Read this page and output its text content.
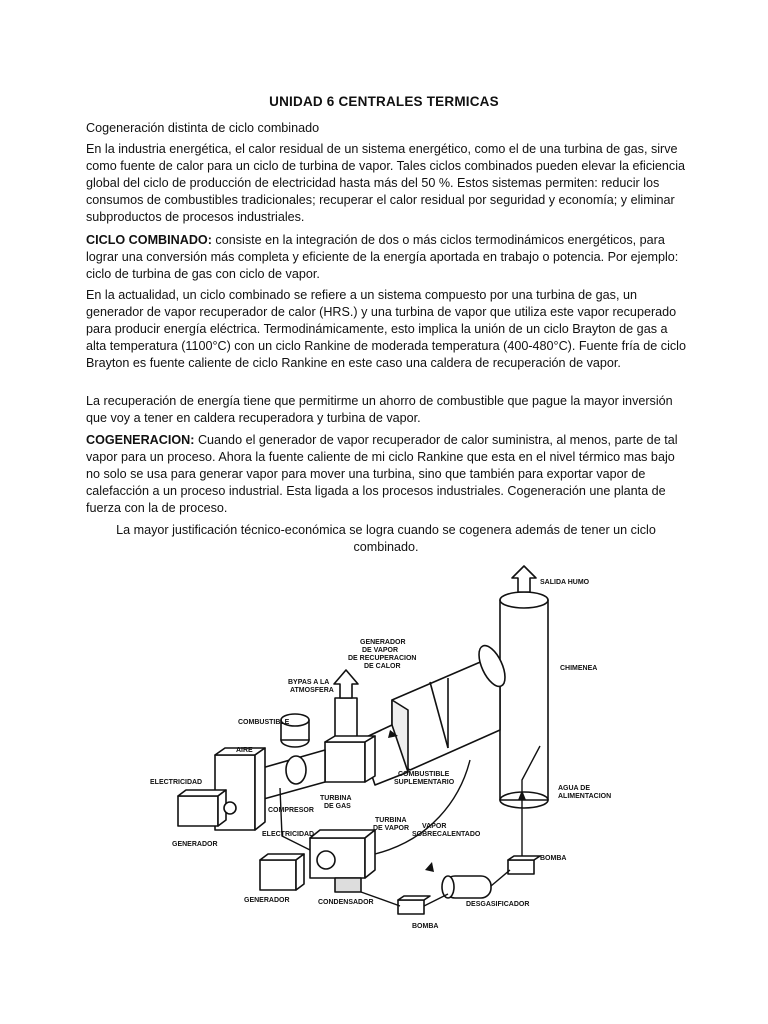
UNIDAD 6 CENTRALES TERMICAS
Cogeneración distinta de ciclo combinado
En la industria energética, el calor residual de un sistema energético, como el de una turbina de gas, sirve como fuente de calor para un ciclo de turbina de vapor. Tales ciclos combinados pueden elevar la eficiencia global del ciclo de producción de electricidad hasta más del 50 %. Estos sistemas permiten: reducir los consumos de combustibles tradicionales; recuperar el calor residual por seguridad y economía; y eliminar subproductos de procesos industriales.
CICLO COMBINADO: consiste en la integración de dos o más ciclos termodinámicos energéticos, para lograr una conversión más completa y eficiente de la energía aportada en trabajo o potencia. Por ejemplo: ciclo de turbina de gas con ciclo de vapor.
En la actualidad, un ciclo combinado se refiere a un sistema compuesto por una turbina de gas, un generador de vapor recuperador de calor (HRS.) y una turbina de vapor que utiliza este vapor recuperado para producir energía eléctrica. Termodinámicamente, esto implica la unión de un ciclo Brayton de gas a alta temperatura (1100°C) con un ciclo Rankine de moderada temperatura (400-480°C). Fuente fría de ciclo Brayton es fuente caliente de ciclo Rankine en este caso una caldera de recuperación de vapor.
La recuperación de energía tiene que permitirme un ahorro de combustible que pague la mayor inversión que voy a tener en caldera recuperadora y turbina de vapor.
COGENERACION: Cuando el generador de vapor recuperador de calor suministra, al menos, parte de tal vapor para un proceso. Ahora la fuente caliente de mi ciclo Rankine que esta en el nivel térmico mas bajo no solo se usa para generar vapor para mover una turbina, sino que también para exportar vapor de calefacción a un proceso industrial. Esta ligada a los procesos industriales. Cogeneración une planta de fuerza con la de proceso.
La mayor justificación técnico-económica se logra cuando se cogenera además de tener un ciclo combinado.
SALIDA HUMO
CHIMENEA
GENERADOR
DE VAPOR
DE RECUPERACION
DE CALOR
BYPAS A LA
ATMOSFERA
COMBUSTIBLE
AIRE
ELECTRICIDAD
GENERADOR
COMPRESOR
TURBINA
DE GAS
COMBUSTIBLE
SUPLEMENTARIO
AGUA DE
ALIMENTACION
ELECTRICIDAD
TURBINA
DE VAPOR VAPOR
SOBRECALENTADO
GENERADOR	CONDENSADOR
BOMBA
DESGASIFICADOR
BOMBA
